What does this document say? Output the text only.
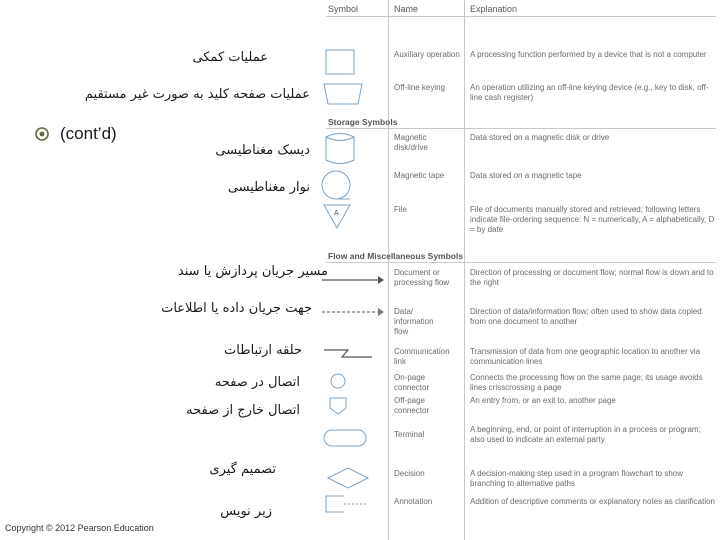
Symbol	Name	Explanation
Storage Symbols
Flow and Miscellaneous Symbols
Auxiliary operation
Off-line keying
Magnetic disk/drive
Magnetic tape
File
Document or processing flow
Data/ information flow
Communication link
On-page connector
Off-page connector
Terminal
Decision
Annotation
A processing function performed by a device that is not a computer
An operation utilizing an off-line keying device (e.g., key to disk, off-line cash register)
Data stored on a magnetic disk or drive
Data stored on a magnetic tape
File of documents manually stored and retrieved; following letters indicate file-ordering sequence: N = numerically, A = alphabetically, D = by date
Direction of processing or document flow; normal flow is down and to the right
Direction of data/information flow; often used to show data copied from one document to another
Transmission of data from one geographic location to another via communication lines
Connects the processing flow on the same page; its usage avoids lines crisscrossing a page
An entry from, or an exit to, another page
A beginning, end, or point of interruption in a process or program; also used to indicate an external party
A decision-making step used in a program flowchart to show branching to alternative paths
Addition of descriptive comments or explanatory notes as clarification
A
عملیات کمکی
عملیات صفحه کلید به صورت غیر مستقیم
دیسک مغناطیسی
نوار مغناطیسی
مسیر جریان پردازش یا سند
جهت جریان داده یا اطلاعات
حلقه ارتباطات
اتصال در صفحه
اتصال خارج از صفحه
تصمیم گیری
زیر نویس
(cont’d)
Copyright © 2012 Pearson Education
